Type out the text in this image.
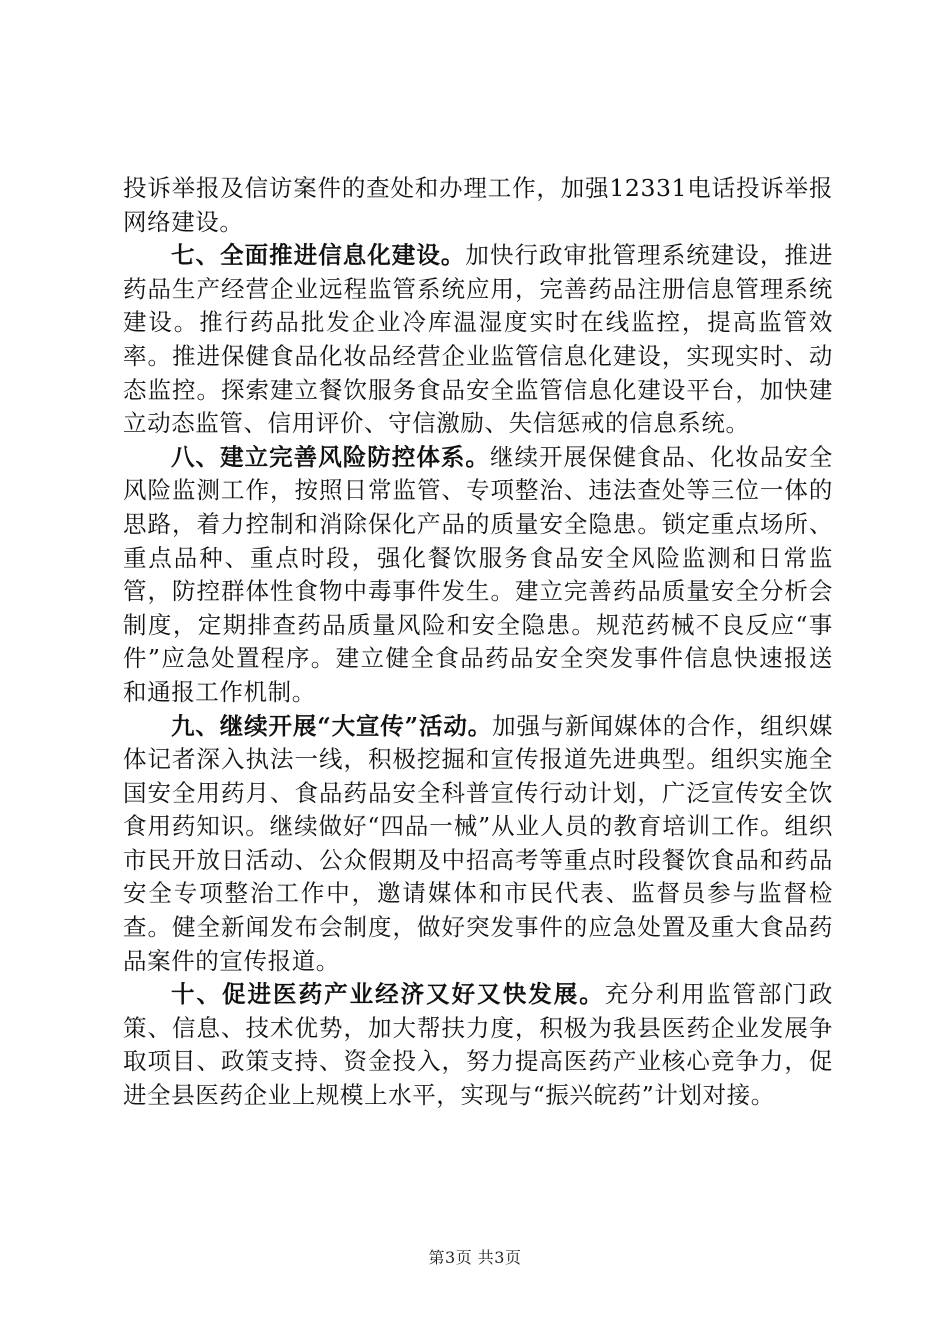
投诉举报及信访案件的查处和办理工作，加强12331电话投诉举报网络建设。

七、全面推进信息化建设。加快行政审批管理系统建设，推进药品生产经营企业远程监管系统应用，完善药品注册信息管理系统建设。推行药品批发企业冷库温湿度实时在线监控，提高监管效率。推进保健食品化妆品经营企业监管信息化建设，实现实时、动态监控。探索建立餐饮服务食品安全监管信息化建设平台，加快建立动态监管、信用评价、守信激励、失信惩戒的信息系统。

八、建立完善风险防控体系。继续开展保健食品、化妆品安全风险监测工作，按照日常监管、专项整治、违法查处等三位一体的思路，着力控制和消除保化产品的质量安全隐患。锁定重点场所、重点品种、重点时段，强化餐饮服务食品安全风险监测和日常监管，防控群体性食物中毒事件发生。建立完善药品质量安全分析会制度，定期排查药品质量风险和安全隐患。规范药械不良反应“事件”应急处置程序。建立健全食品药品安全突发事件信息快速报送和通报工作机制。

九、继续开展“大宣传”活动。加强与新闻媒体的合作，组织媒体记者深入执法一线，积极挖掘和宣传报道先进典型。组织实施全国安全用药月、食品药品安全科普宣传行动计划，广泛宣传安全饮食用药知识。继续做好“四品一械”从业人员的教育培训工作。组织市民开放日活动、公众假期及中招高考等重点时段餐饮食品和药品安全专项整治工作中，邀请媒体和市民代表、监督员参与监督检查。健全新闻发布会制度，做好突发事件的应急处置及重大食品药品案件的宣传报道。

十、促进医药产业经济又好又快发展。充分利用监管部门政策、信息、技术优势，加大帮扶力度，积极为我县医药企业发展争取项目、政策支持、资金投入，努力提高医药产业核心竞争力，促进全县医药企业上规模上水平，实现与“振兴皖药”计划对接。

第3页 共3页
